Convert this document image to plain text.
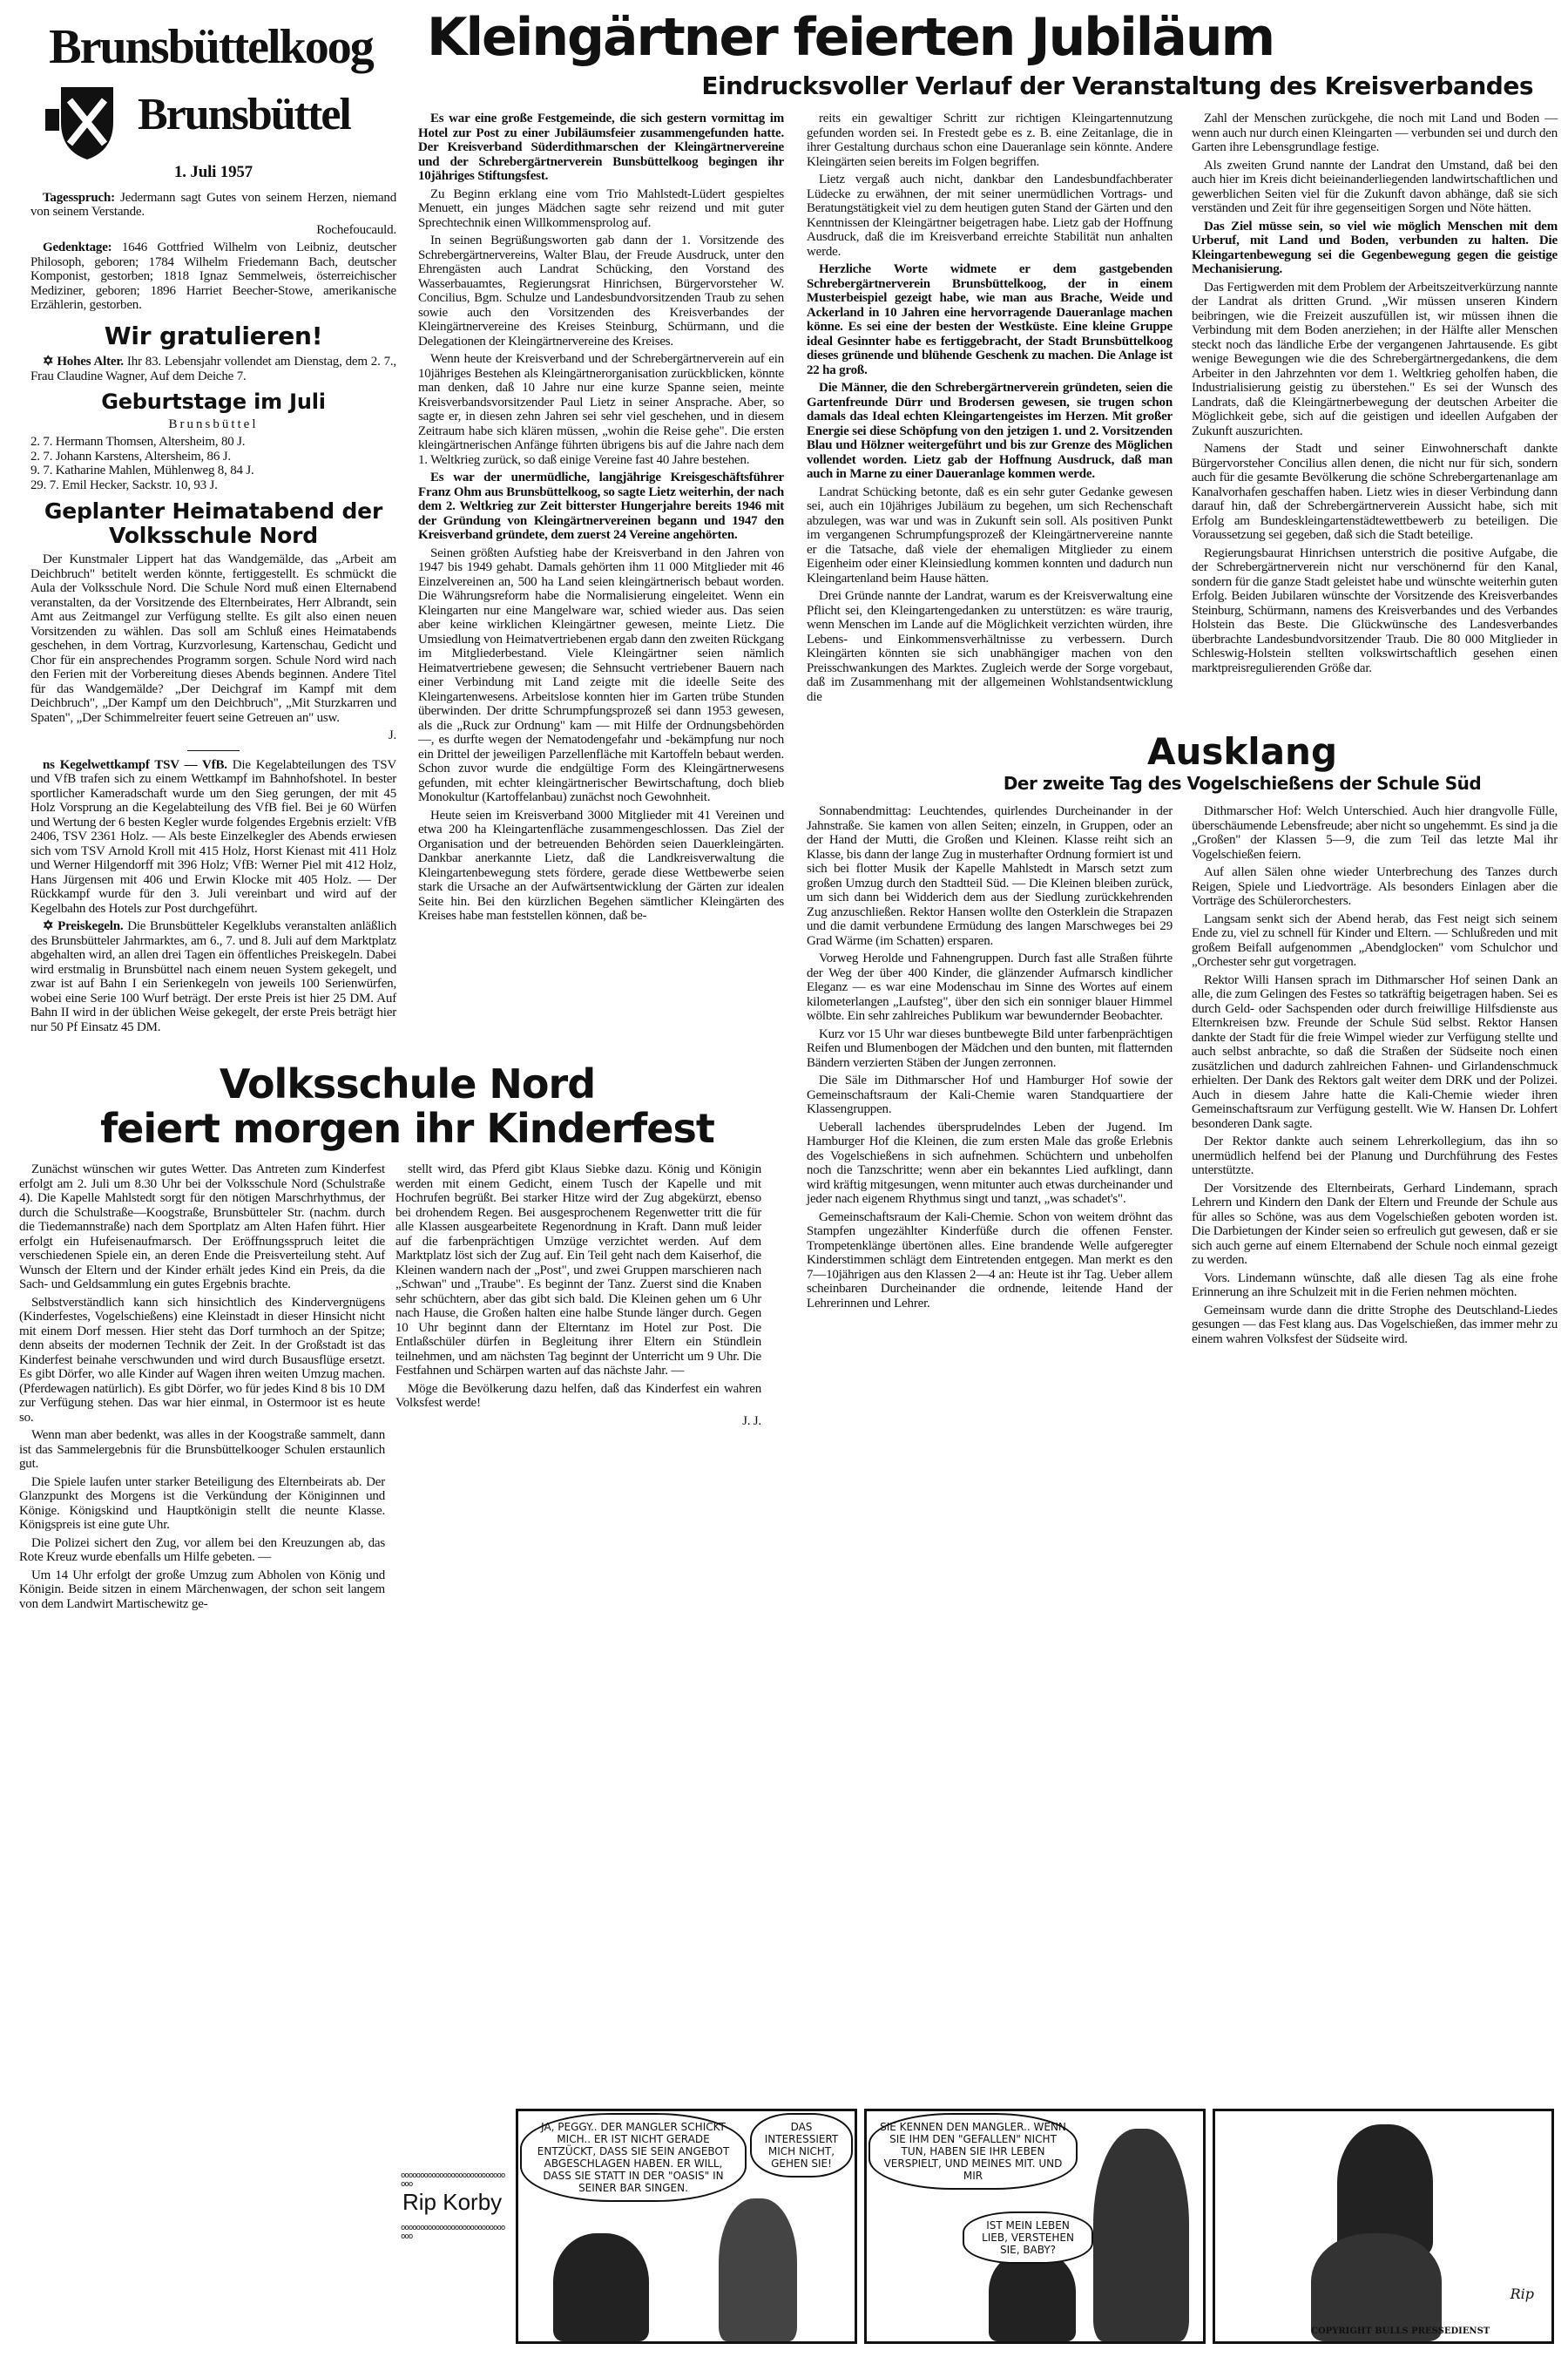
Brunsbüttelkoog
Brunsbüttel
Kleingärtner feierten Jubiläum
Eindrucksvoller Verlauf der Veranstaltung des Kreisverbandes
1. Juli 1957

Tagesspruch: Jedermann sagt Gutes von seinem Herzen, niemand von seinem Verstande.

Rochefoucauld.

Gedenktage: 1646 Gottfried Wilhelm von Leibniz, deutscher Philosoph, geboren; 1784 Wilhelm Friedemann Bach, deutscher Komponist, gestorben; 1818 Ignaz Semmelweis, österreichischer Mediziner, geboren; 1896 Harriet Beecher-Stowe, amerikanische Erzählerin, gestorben.

Wir gratulieren!

✡ Hohes Alter. Ihr 83. Lebensjahr vollendet am Dienstag, dem 2. 7., Frau Claudine Wagner, Auf dem Deiche 7.

Geburtstage im Juli

Brunsbüttel

2. 7. Hermann Thomsen, Altersheim, 80 J.

2. 7. Johann Karstens, Altersheim, 86 J.

9. 7. Katharine Mahlen, Mühlenweg 8, 84 J.

29. 7. Emil Hecker, Sackstr. 10, 93 J.

Geplanter Heimatabend der Volksschule Nord

Der Kunstmaler Lippert hat das Wandgemälde, das „Arbeit am Deichbruch" betitelt werden könnte, fertiggestellt. Es schmückt die Aula der Volksschule Nord. Die Schule Nord muß einen Elternabend veranstalten, da der Vorsitzende des Elternbeirates, Herr Albrandt, sein Amt aus Zeitmangel zur Verfügung stellte. Es gilt also einen neuen Vorsitzenden zu wählen. Das soll am Schluß eines Heimatabends geschehen, in dem Vortrag, Kurzvorlesung, Kartenschau, Gedicht und Chor für ein ansprechendes Programm sorgen. Schule Nord wird nach den Ferien mit der Vorbereitung dieses Abends beginnen. Andere Titel für das Wandgemälde? „Der Deichgraf im Kampf mit dem Deichbruch", „Der Kampf um den Deichbruch", „Mit Sturzkarren und Spaten", „Der Schimmelreiter feuert seine Getreuen an" usw.

J.

ns Kegelwettkampf TSV — VfB. Die Kegelabteilungen des TSV und VfB trafen sich zu einem Wettkampf im Bahnhofshotel. In bester sportlicher Kameradschaft wurde um den Sieg gerungen, der mit 45 Holz Vorsprung an die Kegelabteilung des VfB fiel. Bei je 60 Würfen und Wertung der 6 besten Kegler wurde folgendes Ergebnis erzielt: VfB 2406, TSV 2361 Holz. — Als beste Einzelkegler des Abends erwiesen sich vom TSV Arnold Kroll mit 415 Holz, Horst Kienast mit 411 Holz und Werner Hilgendorff mit 396 Holz; VfB: Werner Piel mit 412 Holz, Hans Jürgensen mit 406 und Erwin Klocke mit 405 Holz. — Der Rückkampf wurde für den 3. Juli vereinbart und wird auf der Kegelbahn des Hotels zur Post durchgeführt.

✡ Preiskegeln. Die Brunsbütteler Kegelklubs veranstalten anläßlich des Brunsbütteler Jahrmarktes, am 6., 7. und 8. Juli auf dem Marktplatz abgehalten wird, an allen drei Tagen ein öffentliches Preiskegeln. Dabei wird erstmalig in Brunsbüttel nach einem neuen System gekegelt, und zwar ist auf Bahn I ein Serienkegeln von jeweils 100 Serienwürfen, wobei eine Serie 100 Wurf beträgt. Der erste Preis ist hier 25 DM. Auf Bahn II wird in der üblichen Weise gekegelt, der erste Preis beträgt hier nur 50 Pf Einsatz 45 DM.

Es war eine große Festgemeinde, die sich gestern vormittag im Hotel zur Post zu einer Jubiläumsfeier zusammengefunden hatte. Der Kreisverband Süderdithmarschen der Kleingärtnervereine und der Schrebergärtnerverein Bunsbüttelkoog begingen ihr 10jähriges Stiftungsfest.

Zu Beginn erklang eine vom Trio Mahlstedt-Lüdert gespieltes Menuett, ein junges Mädchen sagte sehr reizend und mit guter Sprechtechnik einen Willkommensprolog auf.

In seinen Begrüßungsworten gab dann der 1. Vorsitzende des Schrebergärtnervereins, Walter Blau, der Freude Ausdruck, unter den Ehrengästen auch Landrat Schücking, den Vorstand des Wasserbauamtes, Regierungsrat Hinrichsen, Bürgervorsteher W. Concilius, Bgm. Schulze und Landesbundvorsitzenden Traub zu sehen sowie auch den Vorsitzenden des Kreisverbandes der Kleingärtnervereine des Kreises Steinburg, Schürmann, und die Delegationen der Kleingärtnervereine des Kreises.

Wenn heute der Kreisverband und der Schrebergärtnerverein auf ein 10jähriges Bestehen als Kleingärtnerorganisation zurückblicken, könnte man denken, daß 10 Jahre nur eine kurze Spanne seien, meinte Kreisverbandsvorsitzender Paul Lietz in seiner Ansprache. Aber, so sagte er, in diesen zehn Jahren sei sehr viel geschehen, und in diesem Zeitraum habe sich klären müssen, „wohin die Reise gehe". Die ersten kleingärtnerischen Anfänge führten übrigens bis auf die Jahre nach dem 1. Weltkrieg zurück, so daß einige Vereine fast 40 Jahre bestehen.

Es war der unermüdliche, langjährige Kreisgeschäftsführer Franz Ohm aus Brunsbüttelkoog, so sagte Lietz weiterhin, der nach dem 2. Weltkrieg zur Zeit bitterster Hungerjahre bereits 1946 mit der Gründung von Kleingärtnervereinen begann und 1947 den Kreisverband gründete, dem zuerst 24 Vereine angehörten.

Seinen größten Aufstieg habe der Kreisverband in den Jahren von 1947 bis 1949 gehabt. Damals gehörten ihm 11 000 Mitglieder mit 46 Einzelvereinen an, 500 ha Land seien kleingärtnerisch bebaut worden. Die Währungsreform habe die Normalisierung eingeleitet. Wenn ein Kleingarten nur eine Mangelware war, schied wieder aus. Das seien aber keine wirklichen Kleingärtner gewesen, meinte Lietz. Die Umsiedlung von Heimatvertriebenen ergab dann den zweiten Rückgang im Mitgliederbestand. Viele Kleingärtner seien nämlich Heimatvertriebene gewesen; die Sehnsucht vertriebener Bauern nach einer Verbindung mit Land zeigte mit die ideelle Seite des Kleingartenwesens. Arbeitslose konnten hier im Garten trübe Stunden überwinden. Der dritte Schrumpfungsprozeß sei dann 1953 gewesen, als die „Ruck zur Ordnung" kam — mit Hilfe der Ordnungsbehörden —, es durfte wegen der Nematodengefahr und -bekämpfung nur noch ein Drittel der jeweiligen Parzellenfläche mit Kartoffeln bebaut werden. Schon zuvor wurde die endgültige Form des Kleingärtnerwesens gefunden, mit echter kleingärtnerischer Bewirtschaftung, doch blieb Monokultur (Kartoffelanbau) zunächst noch Gewohnheit.

Heute seien im Kreisverband 3000 Mitglieder mit 41 Vereinen und etwa 200 ha Kleingartenfläche zusammengeschlossen. Das Ziel der Organisation und der betreuenden Behörden seien Dauerkleingärten. Dankbar anerkannte Lietz, daß die Landkreisverwaltung die Kleingartenbewegung stets fördere, gerade diese Wettbewerbe seien stark die Ursache an der Aufwärtsentwicklung der Gärten zur idealen Seite hin. Bei den kürzlichen Begehen sämtlicher Kleingärten des Kreises habe man feststellen können, daß be-

Volksschule Nord
feiert morgen ihr Kinderfest

Zunächst wünschen wir gutes Wetter. Das Antreten zum Kinderfest erfolgt am 2. Juli um 8.30 Uhr bei der Volksschule Nord (Schulstraße 4). Die Kapelle Mahlstedt sorgt für den nötigen Marschrhythmus, der durch die Schulstraße—Koogstraße, Brunsbütteler Str. (nachm. durch die Tiedemannstraße) nach dem Sportplatz am Alten Hafen führt. Hier erfolgt ein Hufeisenaufmarsch. Der Eröffnungsspruch leitet die verschiedenen Spiele ein, an deren Ende die Preisverteilung steht. Auf Wunsch der Eltern und der Kinder erhält jedes Kind ein Preis, da die Sach- und Geldsammlung ein gutes Ergebnis brachte.

Selbstverständlich kann sich hinsichtlich des Kindervergnügens (Kinderfestes, Vogelschießens) eine Kleinstadt in dieser Hinsicht nicht mit einem Dorf messen. Hier steht das Dorf turmhoch an der Spitze; denn abseits der modernen Technik der Zeit. In der Großstadt ist das Kinderfest beinahe verschwunden und wird durch Busausflüge ersetzt. Es gibt Dörfer, wo alle Kinder auf Wagen ihren weiten Umzug machen. (Pferdewagen natürlich). Es gibt Dörfer, wo für jedes Kind 8 bis 10 DM zur Verfügung stehen. Das war hier einmal, in Ostermoor ist es heute so.

Wenn man aber bedenkt, was alles in der Koogstraße sammelt, dann ist das Sammelergebnis für die Brunsbüttelkooger Schulen erstaunlich gut.

Die Spiele laufen unter starker Beteiligung des Elternbeirats ab. Der Glanzpunkt des Morgens ist die Verkündung der Königinnen und Könige. Königskind und Hauptkönigin stellt die neunte Klasse. Königspreis ist eine gute Uhr.

Die Polizei sichert den Zug, vor allem bei den Kreuzungen ab, das Rote Kreuz wurde ebenfalls um Hilfe gebeten. —

Um 14 Uhr erfolgt der große Umzug zum Abholen von König und Königin. Beide sitzen in einem Märchenwagen, der schon seit langem von dem Landwirt Martischewitz ge-

stellt wird, das Pferd gibt Klaus Siebke dazu. König und Königin werden mit einem Gedicht, einem Tusch der Kapelle und mit Hochrufen begrüßt. Bei starker Hitze wird der Zug abgekürzt, ebenso bei drohendem Regen. Bei ausgesprochenem Regenwetter tritt die für alle Klassen ausgearbeitete Regenordnung in Kraft. Dann muß leider auf die farbenprächtigen Umzüge verzichtet werden. Auf dem Marktplatz löst sich der Zug auf. Ein Teil geht nach dem Kaiserhof, die Kleinen wandern nach der „Post", und zwei Gruppen marschieren nach „Schwan" und „Traube". Es beginnt der Tanz. Zuerst sind die Knaben sehr schüchtern, aber das gibt sich bald. Die Kleinen gehen um 6 Uhr nach Hause, die Großen halten eine halbe Stunde länger durch. Gegen 10 Uhr beginnt dann der Elterntanz im Hotel zur Post. Die Entlaßschüler dürfen in Begleitung ihrer Eltern ein Stündlein teilnehmen, und am nächsten Tag beginnt der Unterricht um 9 Uhr. Die Festfahnen und Schärpen warten auf das nächste Jahr. —

Möge die Bevölkerung dazu helfen, daß das Kinderfest ein wahren Volksfest werde!

J. J.

reits ein gewaltiger Schritt zur richtigen Kleingartennutzung gefunden worden sei. In Frestedt gebe es z. B. eine Zeitanlage, die in ihrer Gestaltung durchaus schon eine Daueranlage sein könnte. Andere Kleingärten seien bereits im Folgen begriffen.

Lietz vergaß auch nicht, dankbar den Landesbundfachberater Lüdecke zu erwähnen, der mit seiner unermüdlichen Vortrags- und Beratungstätigkeit viel zu dem heutigen guten Stand der Gärten und den Kenntnissen der Kleingärtner beigetragen habe. Lietz gab der Hoffnung Ausdruck, daß die im Kreisverband erreichte Stabilität nun anhalten werde.

Herzliche Worte widmete er dem gastgebenden Schrebergärtnerverein Brunsbüttelkoog, der in einem Musterbeispiel gezeigt habe, wie man aus Brache, Weide und Ackerland in 10 Jahren eine hervorragende Daueranlage machen könne. Es sei eine der besten der Westküste. Eine kleine Gruppe ideal Gesinnter habe es fertiggebracht, der Stadt Brunsbüttelkoog dieses grünende und blühende Geschenk zu machen. Die Anlage ist 22 ha groß.

Die Männer, die den Schrebergärtnerverein gründeten, seien die Gartenfreunde Dürr und Brodersen gewesen, sie trugen schon damals das Ideal echten Kleingartengeistes im Herzen. Mit großer Energie sei diese Schöpfung von den jetzigen 1. und 2. Vorsitzenden Blau und Hölzner weitergeführt und bis zur Grenze des Möglichen vollendet worden. Lietz gab der Hoffnung Ausdruck, daß man auch in Marne zu einer Daueranlage kommen werde.

Landrat Schücking betonte, daß es ein sehr guter Gedanke gewesen sei, auch ein 10jähriges Jubiläum zu begehen, um sich Rechenschaft abzulegen, was war und was in Zukunft sein soll. Als positiven Punkt im vergangenen Schrumpfungsprozeß der Kleingärtnervereine nannte er die Tatsache, daß viele der ehemaligen Mitglieder zu einem Eigenheim oder einer Kleinsiedlung kommen konnten und dadurch nun Kleingartenland beim Hause hätten.

Drei Gründe nannte der Landrat, warum es der Kreisverwaltung eine Pflicht sei, den Kleingartengedanken zu unterstützen: es wäre traurig, wenn Menschen im Lande auf die Möglichkeit verzichten würden, ihre Lebens- und Einkommensverhältnisse zu verbessern. Durch Kleingärten könnten sie sich unabhängiger machen von den Preisschwankungen des Marktes. Zugleich werde der Sorge vorgebaut, daß im Zusammenhang mit der allgemeinen Wohlstandsentwicklung die

Zahl der Menschen zurückgehe, die noch mit Land und Boden — wenn auch nur durch einen Kleingarten — verbunden sei und durch den Garten ihre Lebensgrundlage festige.

Als zweiten Grund nannte der Landrat den Umstand, daß bei den auch hier im Kreis dicht beieinanderliegenden landwirtschaftlichen und gewerblichen Seiten viel für die Zukunft davon abhänge, daß sie sich verständen und Zeit für ihre gegenseitigen Sorgen und Nöte hätten.

Das Ziel müsse sein, so viel wie möglich Menschen mit dem Urberuf, mit Land und Boden, verbunden zu halten. Die Kleingartenbewegung sei die Gegenbewegung gegen die geistige Mechanisierung.

Das Fertigwerden mit dem Problem der Arbeitszeitverkürzung nannte der Landrat als dritten Grund. „Wir müssen unseren Kindern beibringen, wie die Freizeit auszufüllen ist, wir müssen ihnen die Verbindung mit dem Boden anerziehen; in der Hälfte aller Menschen steckt noch das ländliche Erbe der vergangenen Jahrtausende. Es gibt wenige Bewegungen wie die des Schrebergärtnergedankens, die dem Arbeiter in den Jahrzehnten vor dem 1. Weltkrieg geholfen haben, die Industrialisierung geistig zu überstehen." Es sei der Wunsch des Landrats, daß die Kleingärtnerbewegung der deutschen Arbeiter die Möglichkeit gebe, sich auf die geistigen und ideellen Aufgaben der Zukunft auszurichten.

Namens der Stadt und seiner Einwohnerschaft dankte Bürgervorsteher Concilius allen denen, die nicht nur für sich, sondern auch für die gesamte Bevölkerung die schöne Schrebergartenanlage am Kanalvorhafen geschaffen haben. Lietz wies in dieser Verbindung dann darauf hin, daß der Schrebergärtnerverein Aussicht habe, sich mit Erfolg am Bundeskleingartenstädtewettbewerb zu beteiligen. Die Voraussetzung sei gegeben, daß sich die Stadt beteilige.

Regierungsbaurat Hinrichsen unterstrich die positive Aufgabe, die der Schrebergärtnerverein nicht nur verschönernd für den Kanal, sondern für die ganze Stadt geleistet habe und wünschte weiterhin guten Erfolg. Beiden Jubilaren wünschte der Vorsitzende des Kreisverbandes Steinburg, Schürmann, namens des Kreisverbandes und des Verbandes Holstein das Beste. Die Glückwünsche des Landesverbandes überbrachte Landesbundvorsitzender Traub. Die 80 000 Mitglieder in Schleswig-Holstein stellten volkswirtschaftlich gesehen einen marktpreisregulierenden Größe dar.

Ausklang
Der zweite Tag des Vogelschießens der Schule Süd

Sonnabendmittag: Leuchtendes, quirlendes Durcheinander in der Jahnstraße. Sie kamen von allen Seiten; einzeln, in Gruppen, oder an der Hand der Mutti, die Großen und Kleinen. Klasse reiht sich an Klasse, bis dann der lange Zug in musterhafter Ordnung formiert ist und sich bei flotter Musik der Kapelle Mahlstedt in Marsch setzt zum großen Umzug durch den Stadtteil Süd. — Die Kleinen bleiben zurück, um sich dann bei Widderich dem aus der Siedlung zurückkehrenden Zug anzuschließen. Rektor Hansen wollte den Osterklein die Strapazen und die damit verbundene Ermüdung des langen Marschweges bei 29 Grad Wärme (im Schatten) ersparen.

Vorweg Herolde und Fahnengruppen. Durch fast alle Straßen führte der Weg der über 400 Kinder, die glänzender Aufmarsch kindlicher Eleganz — es war eine Modenschau im Sinne des Wortes auf einem kilometerlangen „Laufsteg", über den sich ein sonniger blauer Himmel wölbte. Ein sehr zahlreiches Publikum war bewundernder Beobachter.

Kurz vor 15 Uhr war dieses buntbewegte Bild unter farbenprächtigen Reifen und Blumenbogen der Mädchen und den bunten, mit flatternden Bändern verzierten Stäben der Jungen zerronnen.

Die Säle im Dithmarscher Hof und Hamburger Hof sowie der Gemeinschaftsraum der Kali-Chemie waren Standquartiere der Klassengruppen.

Ueberall lachendes übersprudelndes Leben der Jugend. Im Hamburger Hof die Kleinen, die zum ersten Male das große Erlebnis des Vogelschießens in sich aufnehmen. Schüchtern und unbeholfen noch die Tanzschritte; wenn aber ein bekanntes Lied aufklingt, dann wird kräftig mitgesungen, wenn mitunter auch etwas durcheinander und jeder nach eigenem Rhythmus singt und tanzt, „was schadet's".

Gemeinschaftsraum der Kali-Chemie. Schon von weitem dröhnt das Stampfen ungezählter Kinderfüße durch die offenen Fenster. Trompetenklänge übertönen alles. Eine brandende Welle aufgeregter Kinderstimmen schlägt dem Eintretenden entgegen. Man merkt es den 7—10jährigen aus den Klassen 2—4 an: Heute ist ihr Tag. Ueber allem scheinbaren Durcheinander die ordnende, leitende Hand der Lehrerinnen und Lehrer.

Dithmarscher Hof: Welch Unterschied. Auch hier drangvolle Fülle, überschäumende Lebensfreude; aber nicht so ungehemmt. Es sind ja die „Großen" der Klassen 5—9, die zum Teil das letzte Mal ihr Vogelschießen feiern.

Auf allen Sälen ohne wieder Unterbrechung des Tanzes durch Reigen, Spiele und Liedvorträge. Als besonders Einlagen aber die Vorträge des Schülerorchesters.

Langsam senkt sich der Abend herab, das Fest neigt sich seinem Ende zu, viel zu schnell für Kinder und Eltern. — Schlußreden und mit großem Beifall aufgenommen „Abendglocken" vom Schulchor und „Orchester sehr gut vorgetragen.

Rektor Willi Hansen sprach im Dithmarscher Hof seinen Dank an alle, die zum Gelingen des Festes so tatkräftig beigetragen haben. Sei es durch Geld- oder Sachspenden oder durch freiwillige Hilfsdienste aus Elternkreisen bzw. Freunde der Schule Süd selbst. Rektor Hansen dankte der Stadt für die freie Wimpel wieder zur Verfügung stellte und auch selbst anbrachte, so daß die Straßen der Südseite noch einen zusätzlichen und dadurch zahlreichen Fahnen- und Girlandenschmuck erhielten. Der Dank des Rektors galt weiter dem DRK und der Polizei. Auch in diesem Jahre hatte die Kali-Chemie wieder ihren Gemeinschaftsraum zur Verfügung gestellt. Wie W. Hansen Dr. Lohfert besonderen Dank sagte.

Der Rektor dankte auch seinem Lehrerkollegium, das ihn so unermüdlich helfend bei der Planung und Durchführung des Festes unterstützte.

Der Vorsitzende des Elternbeirats, Gerhard Lindemann, sprach Lehrern und Kindern den Dank der Eltern und Freunde der Schule aus für alles so Schöne, was aus dem Vogelschießen geboten worden ist. Die Darbietungen der Kinder seien so erfreulich gut gewesen, daß er sie sich auch gerne auf einem Elternabend der Schule noch einmal gezeigt zu werden.

Vors. Lindemann wünschte, daß alle diesen Tag als eine frohe Erinnerung an ihre Schulzeit mit in die Ferien nehmen möchten.

Gemeinsam wurde dann die dritte Strophe des Deutschland-Liedes gesungen — das Fest klang aus. Das Vogelschießen, das immer mehr zu einem wahren Volksfest der Südseite wird.

oooooooooooooooooooooooooooooo
Rip Korby
oooooooooooooooooooooooooooooo
JA, PEGGY.. DER MANGLER SCHICKT MICH.. ER IST NICHT GERADE ENTZÜCKT, DASS SIE SEIN ANGEBOT ABGESCHLAGEN HABEN. ER WILL, DASS SIE STATT IN DER "OASIS" IN SEINER BAR SINGEN.
DAS INTERESSIERT MICH NICHT, GEHEN SIE!
SIE KENNEN DEN MANGLER.. WENN SIE IHM DEN "GEFALLEN" NICHT TUN, HABEN SIE IHR LEBEN VERSPIELT, UND MEINES MIT. UND MIR
IST MEIN LEBEN LIEB, VERSTEHEN SIE, BABY?
Rip
COPYRIGHT BULLS PRESSEDIENST
